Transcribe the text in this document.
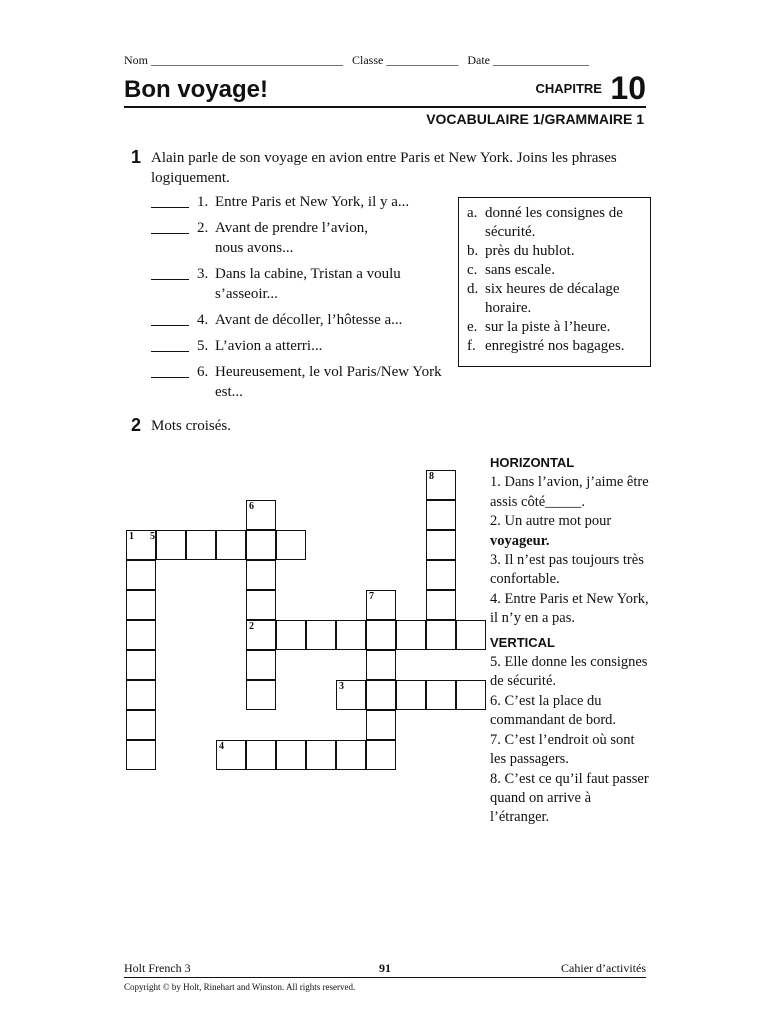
Nom ________________________________ Classe ____________ Date ________________
Bon voyage!	CHAPITRE 10
VOCABULAIRE 1/GRAMMAIRE 1
1 Alain parle de son voyage en avion entre Paris et New York. Joins les phrases logiquement.
1. Entre Paris et New York, il y a...
2. Avant de prendre l’avion, nous avons...
3. Dans la cabine, Tristan a voulu s’asseoir...
4. Avant de décoller, l’hôtesse a...
5. L’avion a atterri...
6. Heureusement, le vol Paris/New York est...
a. donné les consignes de sécurité.
b. près du hublot.
c. sans escale.
d. six heures de décalage horaire.
e. sur la piste à l’heure.
f. enregistré nos bagages.
2 Mots croisés.
1 5
6
2
7
3
8
4
HORIZONTAL
1. Dans l’avion, j’aime être assis côté_____.
2. Un autre mot pour voyageur.
3. Il n’est pas toujours très confortable.
4. Entre Paris et New York, il n’y en a pas.
VERTICAL
5. Elle donne les consignes de sécurité.
6. C’est la place du commandant de bord.
7. C’est l’endroit où sont les passagers.
8. C’est ce qu’il faut passer quand on arrive à l’étranger.
Holt French 3	91	Cahier d’activités
Copyright © by Holt, Rinehart and Winston. All rights reserved.
